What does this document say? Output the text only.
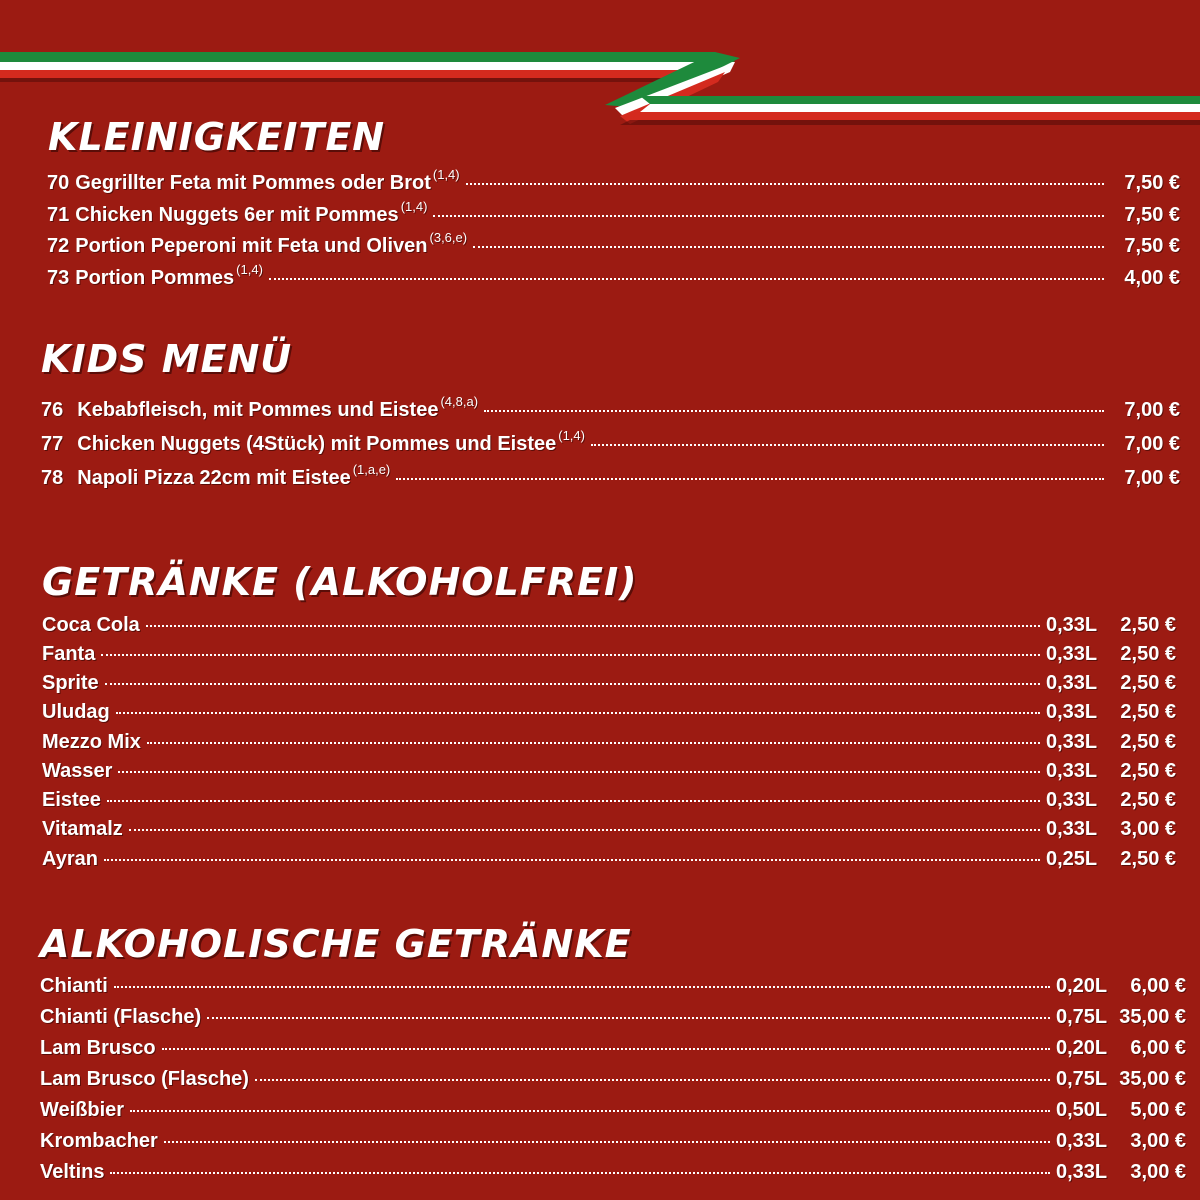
KLEINIGKEITEN
70 Gegrillter Feta mit Pommes oder Brot (1,4)	7,50 €
71 Chicken Nuggets 6er mit Pommes (1,4)	7,50 €
72 Portion Peperoni mit Feta und Oliven (3,6,e)	7,50 €
73 Portion Pommes (1,4)	4,00 €
KIDS MENÜ
76 Kebabfleisch, mit Pommes und Eistee (4,8,a)	7,00 €
77 Chicken Nuggets (4Stück) mit Pommes und Eistee (1,4)	7,00 €
78 Napoli Pizza 22cm mit Eistee (1,a,e)	7,00 €
GETRÄNKE (ALKOHOLFREI)
Coca Cola	0,33L	2,50 €
Fanta	0,33L	2,50 €
Sprite	0,33L	2,50 €
Uludag	0,33L	2,50 €
Mezzo Mix	0,33L	2,50 €
Wasser	0,33L	2,50 €
Eistee	0,33L	2,50 €
Vitamalz	0,33L	3,00 €
Ayran	0,25L	2,50 €
ALKOHOLISCHE GETRÄNKE
Chianti	0,20L	6,00 €
Chianti (Flasche)	0,75L 35,00 €
Lam Brusco	0,20L	6,00 €
Lam Brusco (Flasche)	0,75L 35,00 €
Weißbier	0,50L	5,00 €
Krombacher	0,33L	3,00 €
Veltins	0,33L	3,00 €
